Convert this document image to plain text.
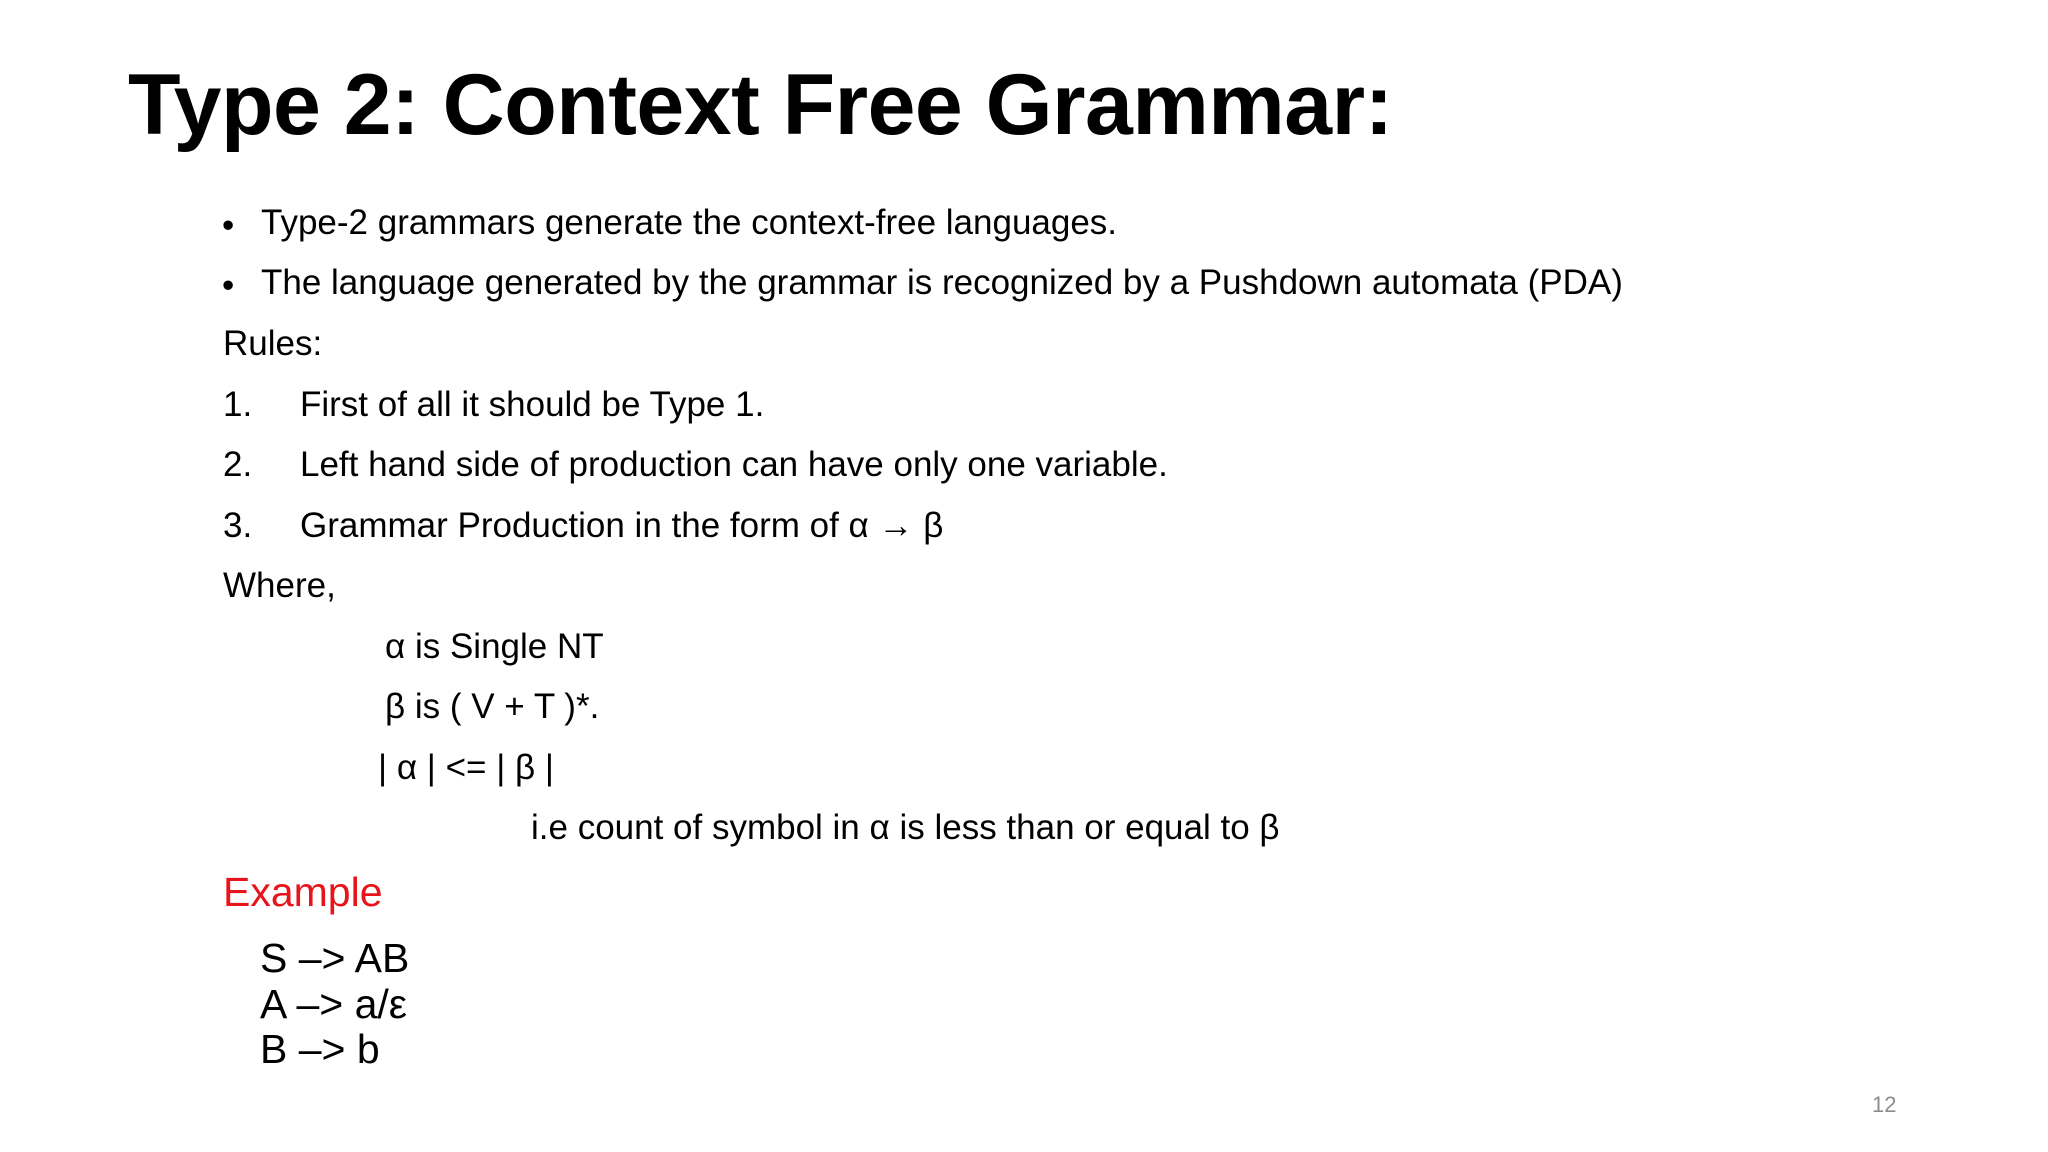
Type 2: Context Free Grammar:
• Type-2 grammars generate the context-free languages.
• The language generated by the grammar is recognized by a Pushdown automata (PDA)
Rules:
1. First of all it should be Type 1.
2. Left hand side of production can have only one variable.
3. Grammar Production in the form of α → β
Where,
α is Single NT
β is ( V + T )*.
| α | <= | β |
i.e count of symbol in α is less than or equal to β
Example
S –> AB
A –> a/ε
B –> b
12
